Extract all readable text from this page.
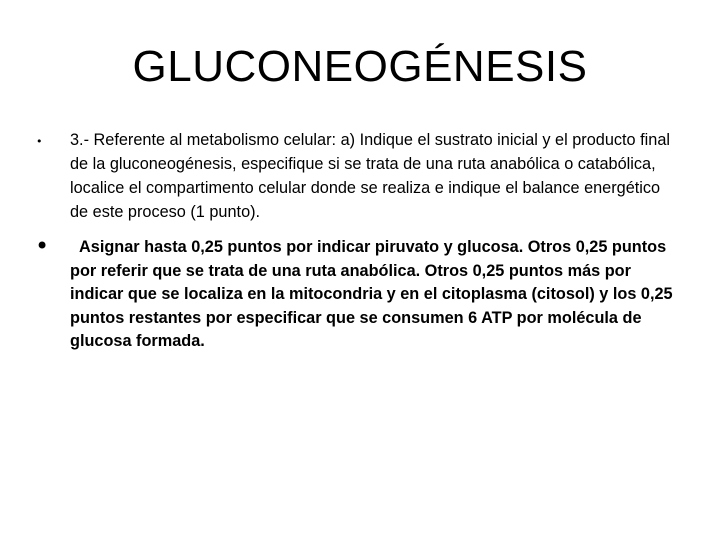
GLUCONEOGÉNESIS
• 3.- Referente al metabolismo celular: a) Indique el sustrato inicial y el producto final de la gluconeogénesis, especifique si se trata de una ruta anabólica o catabólica, localice el compartimento celular donde se realiza e indique el balance energético de este proceso (1 punto).

•	Asignar hasta 0,25 puntos por indicar piruvato y glucosa. Otros 0,25 puntos por referir que se trata de una ruta anabólica. Otros 0,25 puntos más por indicar que se localiza en la mitocondria y en el citoplasma (citosol) y los 0,25 puntos restantes por especificar que se consumen 6 ATP por molécula de glucosa formada.
